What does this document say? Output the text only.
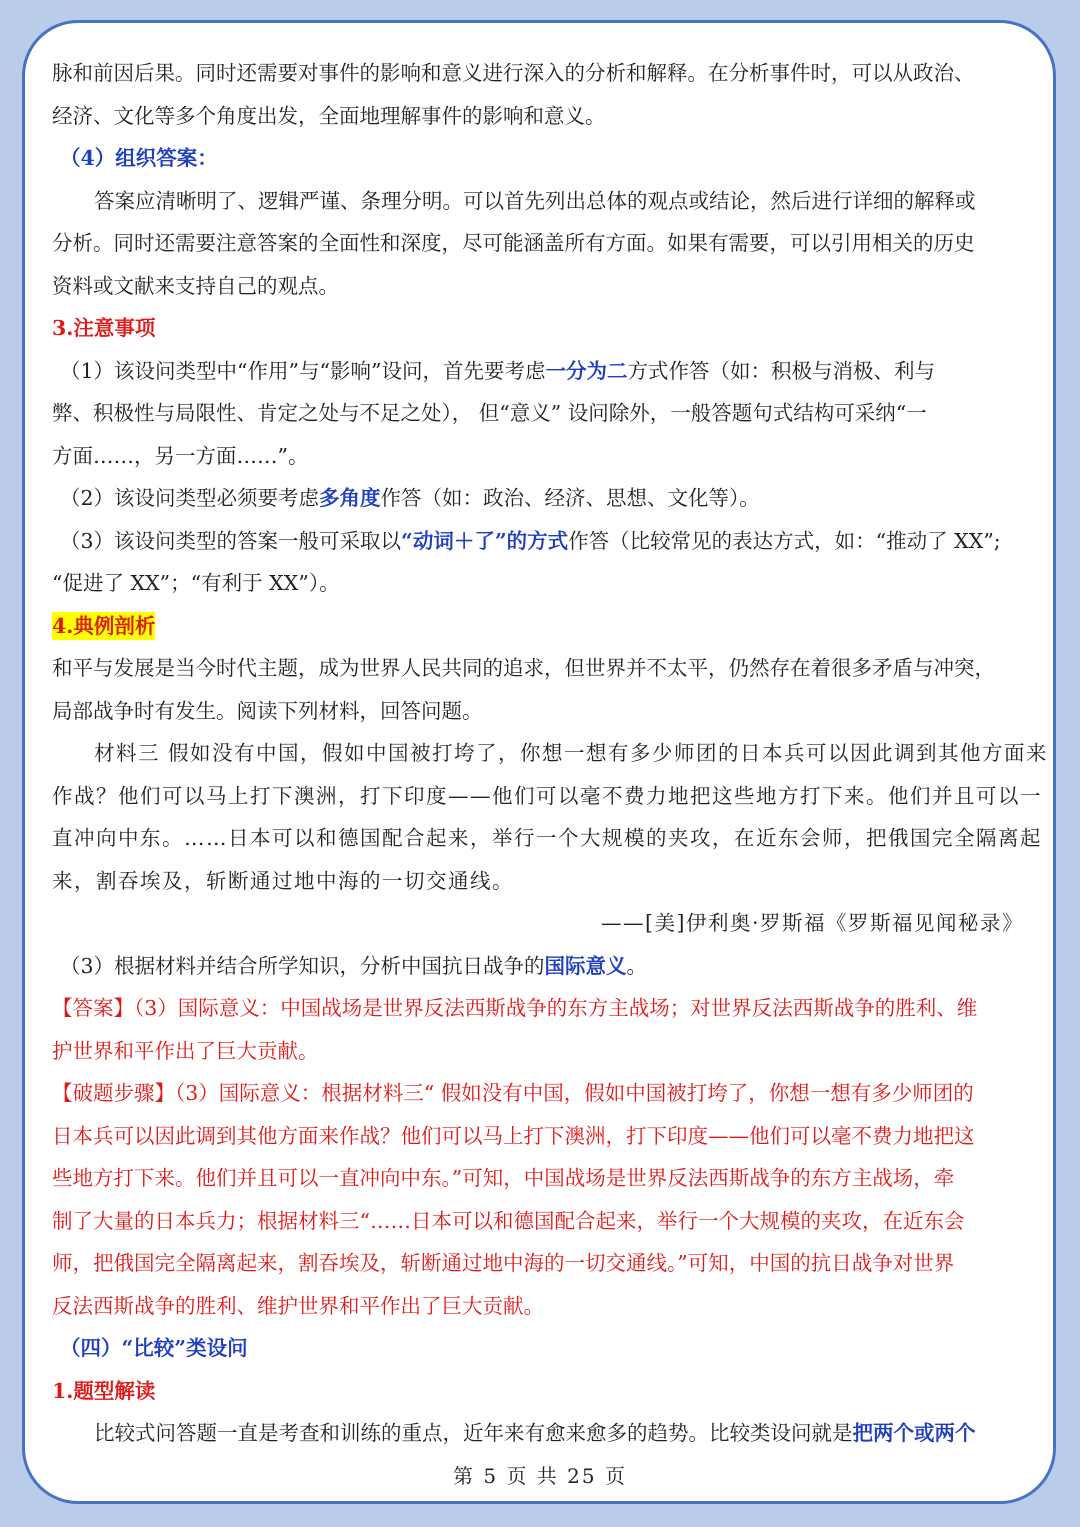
脉和前因后果。同时还需要对事件的影响和意义进行深入的分析和解释。在分析事件时，可以从政治、
经济、文化等多个角度出发，全面地理解事件的影响和意义。
（4）组织答案：
答案应清晰明了、逻辑严谨、条理分明。可以首先列出总体的观点或结论，然后进行详细的解释或
分析。同时还需要注意答案的全面性和深度，尽可能涵盖所有方面。如果有需要，可以引用相关的历史
资料或文献来支持自己的观点。
3.注意事项
（1）该设问类型中“作用”与“影响”设问，首先要考虑一分为二方式作答（如：积极与消极、利与
弊、积极性与局限性、肯定之处与不足之处）， 但“意义” 设问除外，一般答题句式结构可采纳“一
方面……，另一方面……”。
（2）该设问类型必须要考虑多角度作答（如：政治、经济、思想、文化等）。
（3）该设问类型的答案一般可采取以“动词＋了”的方式作答（比较常见的表达方式，如：“推动了 XX”;
“促进了 XX”；“有利于 XX”）。
4.典例剖析
和平与发展是当今时代主题，成为世界人民共同的追求，但世界并不太平，仍然存在着很多矛盾与冲突，
局部战争时有发生。阅读下列材料，回答问题。
材料三 假如没有中国，假如中国被打垮了，你想一想有多少师团的日本兵可以因此调到其他方面来
作战？他们可以马上打下澳洲，打下印度——他们可以毫不费力地把这些地方打下来。他们并且可以一
直冲向中东。……日本可以和德国配合起来，举行一个大规模的夹攻，在近东会师，把俄国完全隔离起
来，割吞埃及，斩断通过地中海的一切交通线。
——[美]伊利奥·罗斯福《罗斯福见闻秘录》
（3）根据材料并结合所学知识，分析中国抗日战争的国际意义。
【答案】（3）国际意义：中国战场是世界反法西斯战争的东方主战场；对世界反法西斯战争的胜利、维
护世界和平作出了巨大贡献。
【破题步骤】（3）国际意义：根据材料三“ 假如没有中国，假如中国被打垮了，你想一想有多少师团的
日本兵可以因此调到其他方面来作战？他们可以马上打下澳洲，打下印度——他们可以毫不费力地把这
些地方打下来。他们并且可以一直冲向中东。”可知，中国战场是世界反法西斯战争的东方主战场，牵
制了大量的日本兵力；根据材料三“……日本可以和德国配合起来，举行一个大规模的夹攻，在近东会
师，把俄国完全隔离起来，割吞埃及，斩断通过地中海的一切交通线。”可知，中国的抗日战争对世界
反法西斯战争的胜利、维护世界和平作出了巨大贡献。
（四）“比较”类设问
1.题型解读
比较式问答题一直是考查和训练的重点，近年来有愈来愈多的趋势。比较类设问就是把两个或两个
第 5 页 共 25 页
